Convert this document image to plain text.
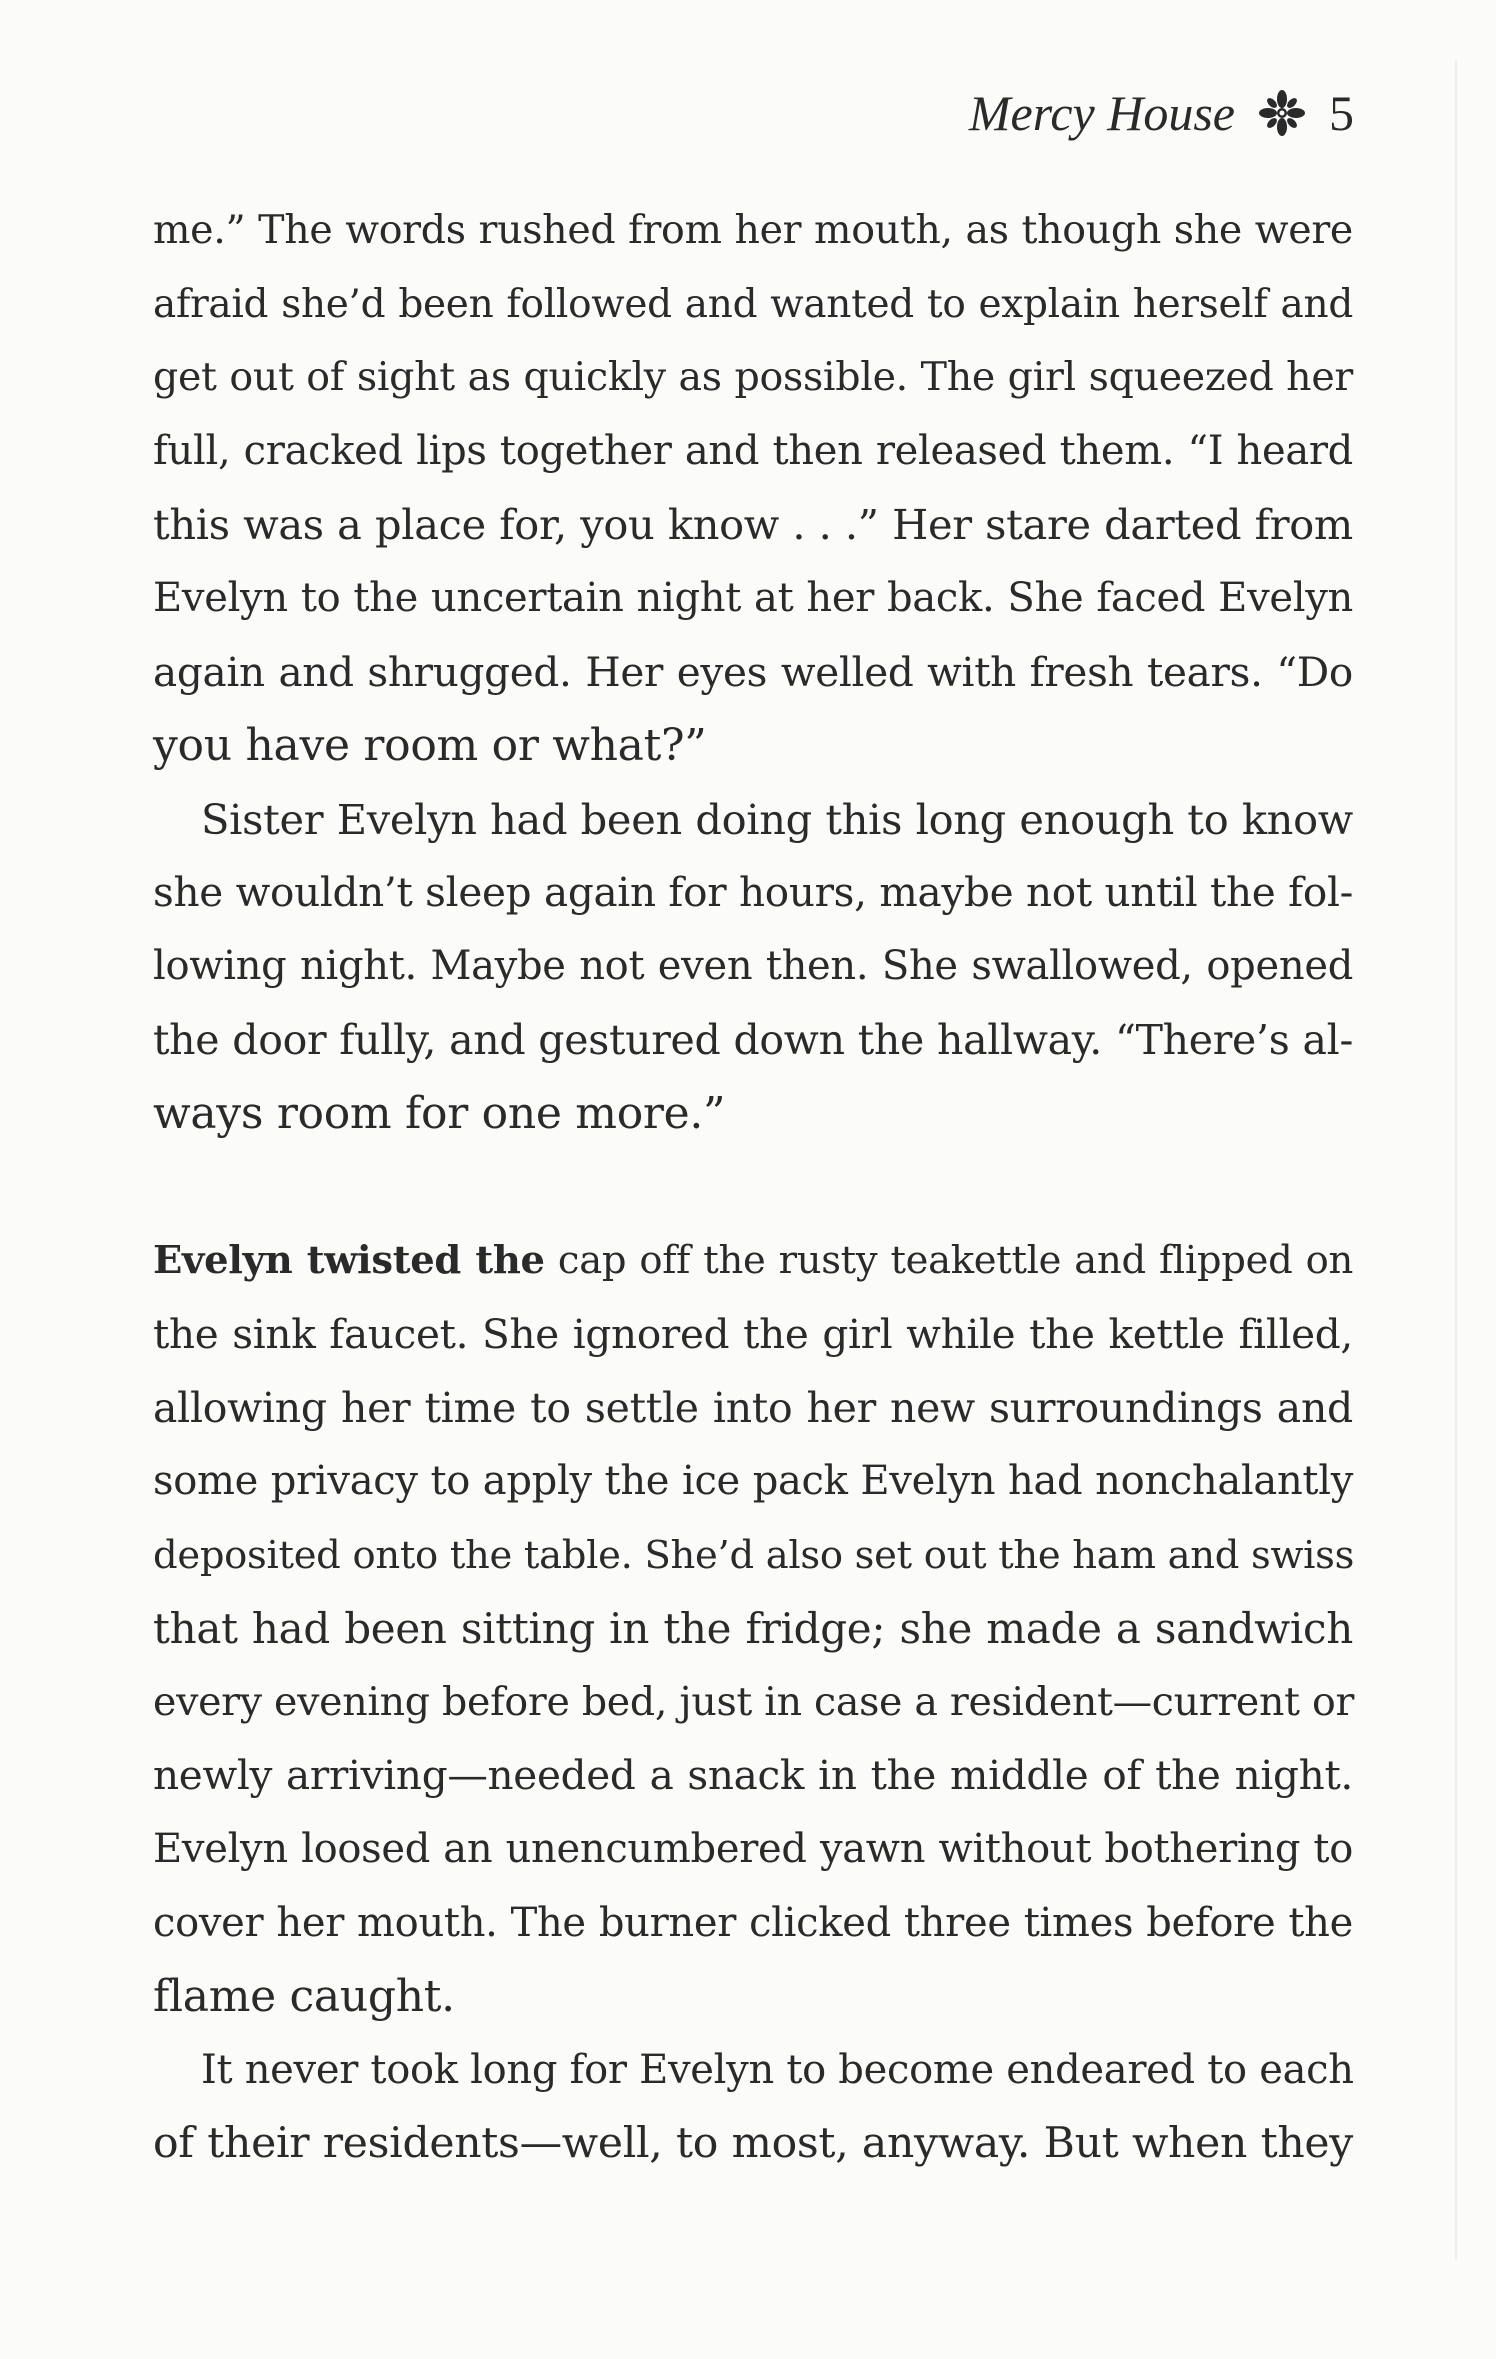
Mercy House 5
me.” The words rushed from her mouth, as though she were
afraid she’d been followed and wanted to explain herself and
get out of sight as quickly as possible. The girl squeezed her
full, cracked lips together and then released them. “I heard
this was a place for, you know . . .” Her stare darted from
Evelyn to the uncertain night at her back. She faced Evelyn
again and shrugged. Her eyes welled with fresh tears. “Do
you have room or what?”
Sister Evelyn had been doing this long enough to know
she wouldn’t sleep again for hours, maybe not until the fol-
lowing night. Maybe not even then. She swallowed, opened
the door fully, and gestured down the hallway. “There’s al-
ways room for one more.”
Evelyn twisted the cap off the rusty teakettle and flipped on
the sink faucet. She ignored the girl while the kettle filled,
allowing her time to settle into her new surroundings and
some privacy to apply the ice pack Evelyn had nonchalantly
deposited onto the table. She’d also set out the ham and swiss
that had been sitting in the fridge; she made a sandwich
every evening before bed, just in case a resident—current or
newly arriving—needed a snack in the middle of the night.
Evelyn loosed an unencumbered yawn without bothering to
cover her mouth. The burner clicked three times before the
flame caught.
It never took long for Evelyn to become endeared to each
of their residents—well, to most, anyway. But when they
